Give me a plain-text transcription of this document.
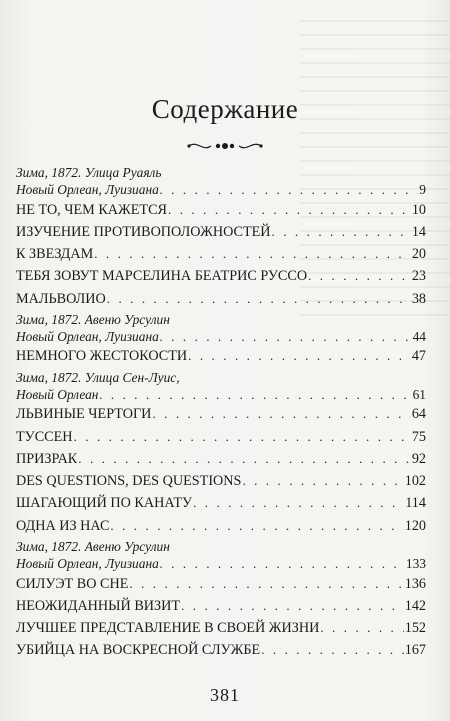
Содержание
Зима, 1872. Улица Руаяль
Новый Орлеан, Луизиана . . .	9
НЕ ТО, ЧЕМ КАЖЕТСЯ . . .	10
ИЗУЧЕНИЕ ПРОТИВОПОЛОЖНОСТЕЙ . . .	14
К ЗВЕЗДАМ . . .	20
ТЕБЯ ЗОВУТ МАРСЕЛИНА БЕАТРИС РУССО . . .	23
МАЛЬВОЛИО . . .	38
Зима, 1872. Авеню Урсулин
Новый Орлеан, Луизиана . . .	44
НЕМНОГО ЖЕСТОКОСТИ . . .	47
Зима, 1872. Улица Сен-Луис,
Новый Орлеан . . .	61
ЛЬВИНЫЕ ЧЕРТОГИ . . .	64
ТУССЕН . . .	75
ПРИЗРАК . . .	92
DES QUESTIONS, DES QUESTIONS . . .	102
ШАГАЮЩИЙ ПО КАНАТУ . . .	114
ОДНА ИЗ НАС . . .	120
Зима, 1872. Авеню Урсулин
Новый Орлеан, Луизиана . . .	133
СИЛУЭТ ВО СНЕ . . .	136
НЕОЖИДАННЫЙ ВИЗИТ . . .	142
ЛУЧШЕЕ ПРЕДСТАВЛЕНИЕ В СВОЕЙ ЖИЗНИ . . .	152
УБИЙЦА НА ВОСКРЕСНОЙ СЛУЖБЕ . . .	167
381
